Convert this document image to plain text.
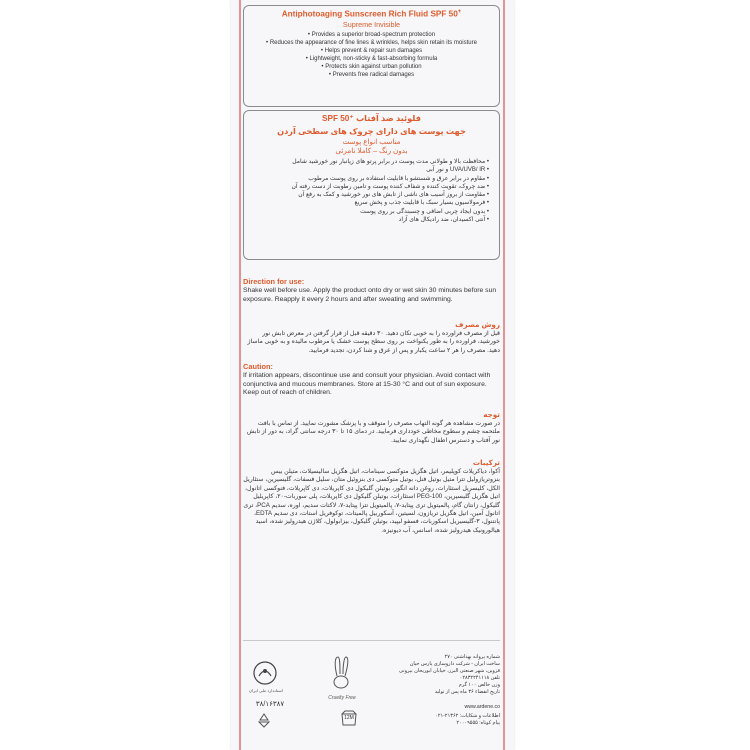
Antiphotoaging Sunscreen Rich Fluid SPF 50+
Supreme Invisible
• Provides a superior broad-spectrum protection
• Reduces the appearance of fine lines & wrinkles, helps skin retain its moisture
• Helps prevent & repair sun damages
• Lightweight, non-sticky & fast-absorbing formula
• Protects skin against urban pollution
• Prevents free radical damages
SPF 50⁺ فلوئید ضد آفتاب
جهت پوست های دارای چروک های سطحی آردن
مناسب انواع پوست
بدون رنگ – کاملا نامرئی
• محافظت بالا و طولانی مدت پوست در برابر پرتو های زیانبار نور خورشید شامل
• UVA/UVB/ IR و نور آبی
• مقاوم در برابر عرق و شستشو با قابلیت استفاده بر روی پوست مرطوب
• ضد چروک، تقویت کننده و شفاف کننده پوست و تامین رطوبت از دست رفته آن
• مقاومت از بروز آسیب های ناشی از تابش های نور خورشید و کمک به رفع آن
• فرمولاسیون بسیار سبک با قابلیت جذب و پخش سریع
• بدون ایجاد چربی اضافی و چسبندگی بر روی پوست
• آنتی اکسیدان، ضد رادیکال های آزاد
Direction for use:
Shake well before use. Apply the product onto dry or wet skin 30 minutes before sun exposure. Reapply it every 2 hours and after sweating and swimming.
روش مصرف
قبل از مصرف فراورده را به خوبی تکان دهید. ۳۰ دقیقه قبل از قرار گرفتن در معرض تابش نور خورشید، فراورده را به طور یکنواخت بر روی سطح پوست خشک یا مرطوب مالیده و به خوبی ماساژ دهید. مصرف را هر ۲ ساعت یکبار و پس از عرق و شنا کردن، تجدید فرمایید.
Caution:
If irritation appears, discontinue use and consult your physician. Avoid contact with conjunctiva and mucous membranes. Store at 15-30 °C and out of sun exposure. Keep out of reach of children.
توجه
در صورت مشاهده هر گونه التهاب مصرف را متوقف و با پزشک مشورت نمایید. از تماس با بافت ملتحمه چشم و سطوح مخاطی خودداری فرمایید. در دمای ۱۵ تا ۳۰ درجه سانتی گراد، به دور از تابش نور آفتاب و دسترس اطفال نگهداری نمایید.
ترکیبات
آکوا، دیاکریلات کوپلیمر، اتیل هگزیل متوکسی سینامات، اتیل هگزیل سالیسیلات، متیلن بیس بنزوتریازولیل تترا متیل بوتیل فنل، بوتیل متوکسی دی بنزوئیل متان، سلیل فسفات، گلیسیرین، ستئاریل الکل، کلیسریل استئارات، روغن دانه انگور، بوتیلن گلیکول دی کاپریلات، دی کاپریلات، فنوکسی اتانول، اتیل هگزیل گلیسیرین، PEG-100 استئارات، بوتیلن گلیکول دی کاپریلات، پلی سوربات-۲۰، کاپریلیل گلیکول، زانتان گام، پالمیتویل تری پپتاید-۷، پالمیتویل تترا پپتاید-۷، لاکتات سدیم، اوره، سدیم PCA، تری اتانول آمین، اتیل هگزیل تریازون، لسیتین، آسکوربیل پالمیتات، توکوفریل استات، دی سدیم EDTA، پانتنول، ۳-گلیسیریل اسکوربات، فسفو لیپید، بوتیلن گلیکول، بیزابولول، کلاژن هیدرولیز شده، اسید هیالورونیک هیدرولیز شده، اسانس، آب دیونیزه.
استاندارد ملی ایران
۳۸/۱۶۳۸۷
Cruelty Free
12M
شماره پروانه بهداشتی ۲۷۰
ساخت ایران - شرکت داروسازی پارس حیان
قزوین، شهر صنعتی البرز، خیابان ابوریحان بیرونی
تلفن ۰۲۸۳۲۲۴۱۱۱۸
وزن خالص ۱۰۰ گرم
تاریخ انقضاء ۳۶ ماه پس از تولید
www.ardene.co
اطلاعات و شکایات: ۲۱۳۶۲-۰۲۱
پیام کوتاه: ۲۰۰۰۹۵۵۵
